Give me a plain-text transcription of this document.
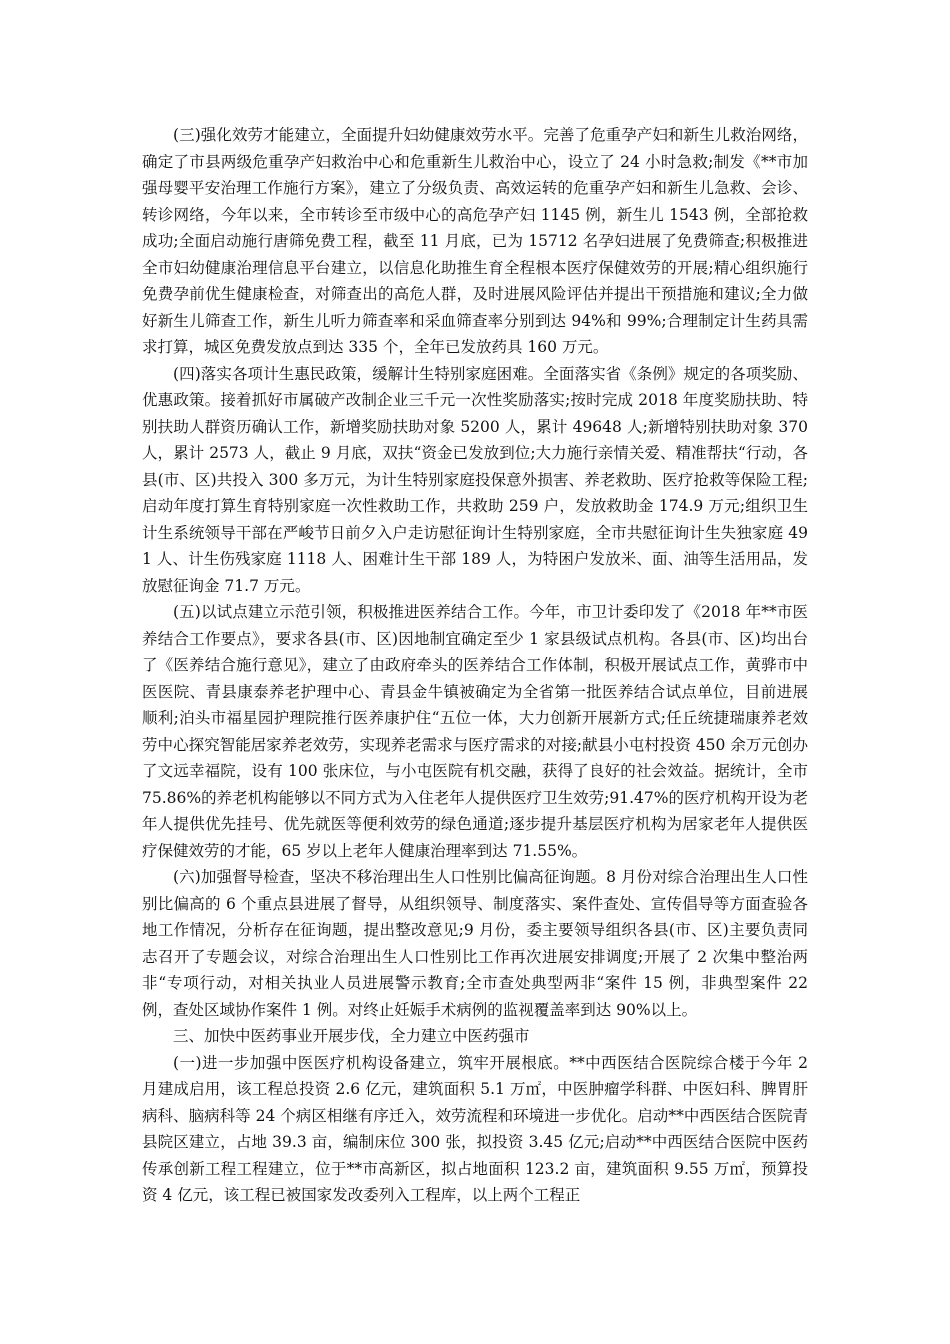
(三)强化效劳才能建立，全面提升妇幼健康效劳水平。完善了危重孕产妇和新生儿救治网络，确定了市县两级危重孕产妇救治中心和危重新生儿救治中心，设立了 24 小时急救;制发《**市加强母婴平安治理工作施行方案》，建立了分级负责、高效运转的危重孕产妇和新生儿急救、会诊、转诊网络，今年以来，全市转诊至市级中心的高危孕产妇 1145 例，新生儿 1543 例，全部抢救成功;全面启动施行唐筛免费工程，截至 11 月底，已为 15712 名孕妇进展了免费筛查;积极推进全市妇幼健康治理信息平台建立，以信息化助推生育全程根本医疗保健效劳的开展;精心组织施行免费孕前优生健康检查，对筛查出的高危人群，及时进展风险评估并提出干预措施和建议;全力做好新生儿筛查工作，新生儿听力筛查率和采血筛查率分别到达 94%和 99%;合理制定计生药具需求打算，城区免费发放点到达 335 个，全年已发放药具 160 万元。

(四)落实各项计生惠民政策，缓解计生特别家庭困难。全面落实省《条例》规定的各项奖励、优惠政策。接着抓好市属破产改制企业三千元一次性奖励落实;按时完成 2018 年度奖励扶助、特别扶助人群资历确认工作，新增奖励扶助对象 5200 人，累计 49648 人;新增特别扶助对象 370 人，累计 2573 人，截止 9 月底，双扶“资金已发放到位;大力施行亲情关爱、精准帮扶“行动，各县(市、区)共投入 300 多万元，为计生特别家庭投保意外损害、养老救助、医疗抢救等保险工程;启动年度打算生育特别家庭一次性救助工作，共救助 259 户，发放救助金 174.9 万元;组织卫生计生系统领导干部在严峻节日前夕入户走访慰征询计生特别家庭，全市共慰征询计生失独家庭 491 人、计生伤残家庭 1118 人、困难计生干部 189 人，为特困户发放米、面、油等生活用品，发放慰征询金 71.7 万元。

(五)以试点建立示范引领，积极推进医养结合工作。今年，市卫计委印发了《2018 年**市医养结合工作要点》，要求各县(市、区)因地制宜确定至少 1 家县级试点机构。各县(市、区)均出台了《医养结合施行意见》，建立了由政府牵头的医养结合工作体制，积极开展试点工作，黄骅市中医医院、青县康泰养老护理中心、青县金牛镇被确定为全省第一批医养结合试点单位，目前进展顺利;泊头市福星园护理院推行医养康护住“五位一体，大力创新开展新方式;任丘统捷瑞康养老效劳中心探究智能居家养老效劳，实现养老需求与医疗需求的对接;献县小屯村投资 450 余万元创办了文远幸福院，设有 100 张床位，与小屯医院有机交融，获得了良好的社会效益。据统计，全市 75.86%的养老机构能够以不同方式为入住老年人提供医疗卫生效劳;91.47%的医疗机构开设为老年人提供优先挂号、优先就医等便利效劳的绿色通道;逐步提升基层医疗机构为居家老年人提供医疗保健效劳的才能，65 岁以上老年人健康治理率到达 71.55%。

(六)加强督导检查，坚决不移治理出生人口性别比偏高征询题。8 月份对综合治理出生人口性别比偏高的 6 个重点县进展了督导，从组织领导、制度落实、案件查处、宣传倡导等方面查验各地工作情况，分析存在征询题，提出整改意见;9 月份，委主要领导组织各县(市、区)主要负责同志召开了专题会议，对综合治理出生人口性别比工作再次进展安排调度;开展了 2 次集中整治两非“专项行动，对相关执业人员进展警示教育;全市查处典型两非“案件 15 例，非典型案件 22 例，查处区域协作案件 1 例。对终止妊娠手术病例的监视覆盖率到达 90%以上。

三、加快中医药事业开展步伐，全力建立中医药强市

(一)进一步加强中医医疗机构设备建立，筑牢开展根底。**中西医结合医院综合楼于今年 2 月建成启用，该工程总投资 2.6 亿元，建筑面积 5.1 万㎡，中医肿瘤学科群、中医妇科、脾胃肝病科、脑病科等 24 个病区相继有序迁入，效劳流程和环境进一步优化。启动**中西医结合医院青县院区建立，占地 39.3 亩，编制床位 300 张，拟投资 3.45 亿元;启动**中西医结合医院中医药传承创新工程工程建立，位于**市高新区，拟占地面积 123.2 亩，建筑面积 9.55 万㎡，预算投资 4 亿元，该工程已被国家发改委列入工程库，以上两个工程正
